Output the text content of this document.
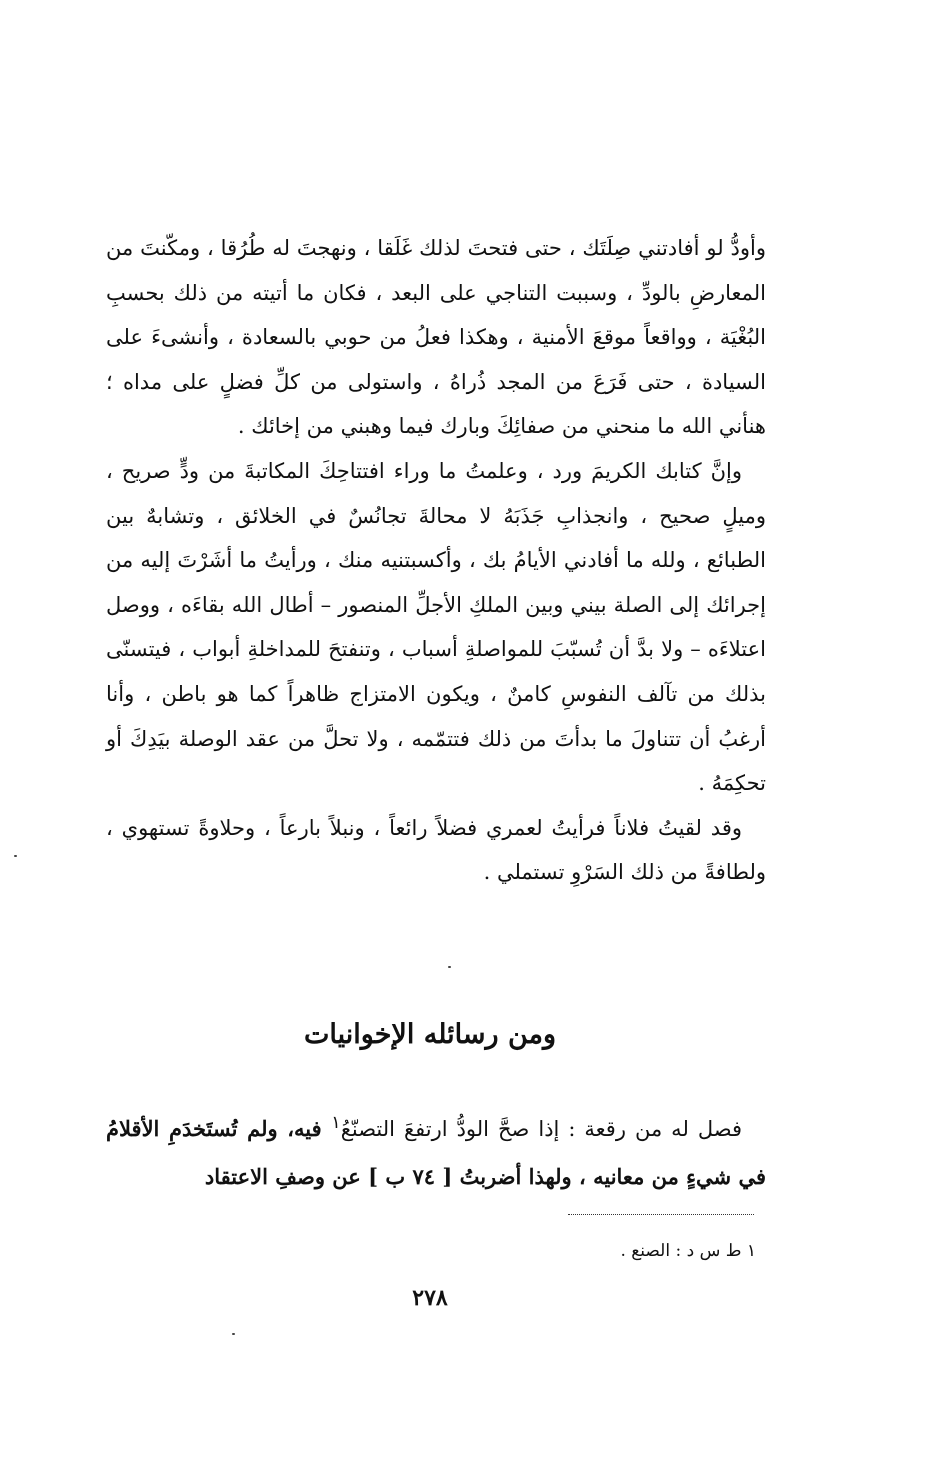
وأودُّ لو أفادتني صِلَتَك ، حتى فتحتَ لذلك غَلَقا ، ونهجتَ له طُرُقا ، ومكّنتَ من المعارضِ بالودِّ ، وسببت التناجي على البعد ، فكان ما أتيته من ذلك بحسبِ البُغْيَة ، وواقعاً موقعَ الأمنية ، وهكذا فعلُ من حوبي بالسعادة ، وأنشىءَ على السيادة ، حتى فَرَعَ من المجد ذُراهُ ، واستولى من كلِّ فضلٍ على مداه ؛ هنأني الله ما منحني من صفائِكَ وبارك فيما وهبني من إخائك .

وإنَّ كتابك الكريمَ ورد ، وعلمتُ ما وراء افتتاحِكَ المكاتبةَ من ودٍّ صريح ، وميلٍ صحيح ، وانجذابِ جَذَبَهُ لا محالةَ تجانُسٌ في الخلائق ، وتشابهٌ بين الطبائع ، ولله ما أفادني الأيامُ بك ، وأكسبتنيه منك ، ورأيتُ ما أشَرْتَ إليه من إجرائك إلى الصلة بيني وبين الملكِ الأجلِّ المنصور – أطال الله بقاءَه ، ووصل اعتلاءَه – ولا بدَّ أن تُسبّبَ للمواصلةِ أسباب ، وتنفتحَ للمداخلةِ أبواب ، فيتسنّى بذلك من تآلف النفوسِ كامنٌ ، ويكون الامتزاج ظاهراً كما هو باطن ، وأنا أرغبُ أن تتناولَ ما بدأتَ من ذلك فتتمّمه ، ولا تحلَّ من عقد الوصلة بيَدِكَ أو تحكِمَهُ .

وقد لقيتُ فلاناً فرأيتُ لعمري فضلاً رائعاً ، ونبلاً بارعاً ، وحلاوةً تستهوي ، ولطافةً من ذلك السَرْوِ تستملي .

ومن رسائله الإخوانيات

فصل له من رقعة : إذا صحَّ الودُّ ارتفعَ التصنّعُ$^١$ فيه، ولم تُستَخدَمِ الأقلامُ في شيءٍ من معانيه ، ولهذا أضربتُ [ ٧٤ ب ] عن وصفِ الاعتقاد

١ ط س د : الصنع .
٢٧٨
